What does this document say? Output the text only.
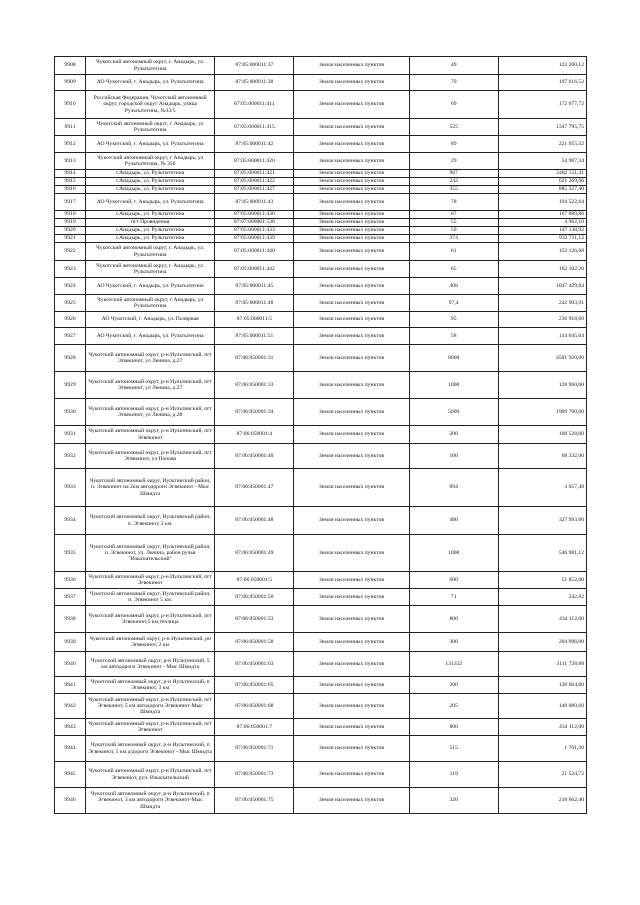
9908	Чукотский автономный округ, г. Анадырь, ул. Рультытегина	87:05:000011:37	Земли населенных пунктов	49	122 200,12
9909	АО Чукотский, г. Анадырь, ул. Рультытегина	87:05:000011:38	Земли населенных пунктов	79	197 016,52
9910	Российская Федерация, Чукотский автономный округ, городской округ Анадырь, улица Рультытегина, №33/5	87:05:000011:411	Земли населенных пунктов	69	172 077,72
9911	Чукотский автономный округ, г. Анадырь, ул Рультытегина	87:05:000011:415	Земли населенных пунктов	525	1347 795,75
9912	АО Чукотский, г. Анадырь, ул. Рультытегина	87:05:000011:42	Земли населенных пунктов	89	221 955,32
9913	Чукотский автономный округ, г Анадырь, ул Рультытегина, № 356	87:05:000011:420	Земли населенных пунктов	29	54 987,34
9914	г.Анадырь, ул. Рультытегина	87:05:000011:421	Земли населенных пунктов	967	2482 511,41
9915	г.Анадырь, ул. Рультытегина	87:05:000011:422	Земли населенных пунктов	242	621 269,66
9916	г.Анадырь, ул. Рультытегина	87:05:000011:427	Земли населенных пунктов	355	885 327,40
9917	АО Чукотский, г. Анадырь, ул. Рультытегина	87:05:000011:43	Земли населенных пунктов	78	194 522,64
9918	г.Анадырь, ул. Рультытегина	87:05:000011:430	Земли населенных пунктов	67	167 089,86
9919	пгт Провидения	87:07:000001:538	Земли населенных пунктов	55	4 962,10
9920	г.Анадырь, ул. Рультытегина	87:05:000011:433	Земли населенных пунктов	59	147 138,92
9921	г.Анадырь, ул. Рультытегина	87:05:000011:439	Земли населенных пунктов	374	932 711,12
9922	Чукотский автономный округ, г. Анадырь, ул. Рультытегина	87:05:000011:440	Земли населенных пунктов	61	152 126,68
9923	Чукотский автономный округ, г. Анадырь, ул. Рультытегина	87:05:000011:442	Земли населенных пунктов	65	162 102,20
9924	АО Чукотский, г. Анадырь, ул. Рультытегина	87:05:000011:45	Земли населенных пунктов	408	1047 429,84
9925	Чукотский автономный округ, г Анадырь, ул Рультытегина	87:05:000011:48	Земли населенных пунктов	97,4	242 903,91
9926	АО Чукотский, г. Анадырь, ул. Полярная	87:05:000011:5	Земли населенных пунктов	95	236 918,60
9927	АО Чукотский, г. Анадырь, ул. Рультытегина	87:05:000011:51	Земли населенных пунктов	58	144 645,04
9928	Чукотский автономный округ, р-н Иультинский, пгт Эгвекинот, ул Ленина, д.27	87:06:050001:31	Земли населенных пунктов	8000	4501 920,00
9929	Чукотский автономный округ, р-н Иультинский, пгт Эгвекинот, ул Ленина, д.27	87:06:050001:33	Земли населенных пунктов	1000	128 960,00
9930	Чукотский автономный округ, р-н Иультинский, пгт Эгвекинот, ул Ленина, д.28	87:06:050001:34	Земли населенных пунктов	5000	1909 700,00
9931	Чукотский автономный округ, р-н Иультинский, пгт Эгвекинот	87:06:050001:4	Земли населенных пунктов	200	108 528,00
9932	Чукотский автономный округ, р-н Иультинский, пгт Эгвекинот, ул Попова	87:06:050001:40	Земли населенных пунктов	100	68 332,00
9933	Чукотский автономный округ, Иультинский район, п. Эгвекинот на 2км автодороги Эгвекинот - Мыс Шмидта	87:06:050001:47	Земли населенных пунктов	894	3 057,48
9934	Чукотский автономный округ, Иультинский район, п. Эгвекинот, 2 км.	87:06:050001:48	Земли населенных пунктов	480	327 993,60
9935	Чукотский автономный округ, Иультинский район, п. Эгвекинот, ул. Ленина, район ручья "Изыскательский"	87:06:050001:49	Земли населенных пунктов	1008	546 981,12
9936	Чукотский автономный округ, р-н Иультинский, пгт Эгвекинот	87:06:050001:5	Земли населенных пунктов	600	51 852,00
9937	Чукотский автономный округ, Иультинский район, п. Эгвекинот 5 км.	87:06:050001:50	Земли населенных пунктов	71	242,82
9938	Чукотский автономный округ, р-н Иультинский, пгт Эгвекинот,5 км,теплица	87:06:050001:53	Земли населенных пунктов	800	434 112,00
9939	Чукотский автономный округ, р-н Иультинский, рп Эгвекинот, 2 км	87:06:050001:58	Земли населенных пунктов	300	204 996,00
9940	Чукотский автономный округ, р-н Иультинский, 5 км автодороги Эгвекинот - Мыс Шмидта	87:06:050001:63	Земли населенных пунктов	131352	3111 728,88
9941	Чукотский автономный округ, р-н Иультинский, п Эгвекинот, 3 км	87:06:050001:65	Земли населенных пунктов	200	136 664,00
9942	Чукотский автономный округ, р-н Иультинский, пгт Эгвекинот, 5 км автодороги Эгвекинот-Мыс Шмидта	87:06:050001:68	Земли населенных пунктов	205	140 080,60
9943	Чукотский автономный округ, р-н Иультинский, пгт Эгвекинот	87:06:050001:7	Земли населенных пунктов	800	434 112,00
9944	Чукотский автономный округ, р-н Иультинский, п Эгвекинот, 5 км а/дороги Эгвекинот - Мыс Шмидта	87:06:050001:71	Земли населенных пунктов	515	1 761,30
9945	Чукотский автономный округ, р-н Иультинский, пгт Эгвекинот, руч. Изыскательский	87:06:050001:73	Земли населенных пунктов	119	21 524,72
9946	Чукотский автономный округ, р-н Иультинский, п Эгвекинот, 3 км автодороги Эгвекинот-Мыс Шмидта	87:06:050001:75	Земли населенных пунктов	320	218 662,40
